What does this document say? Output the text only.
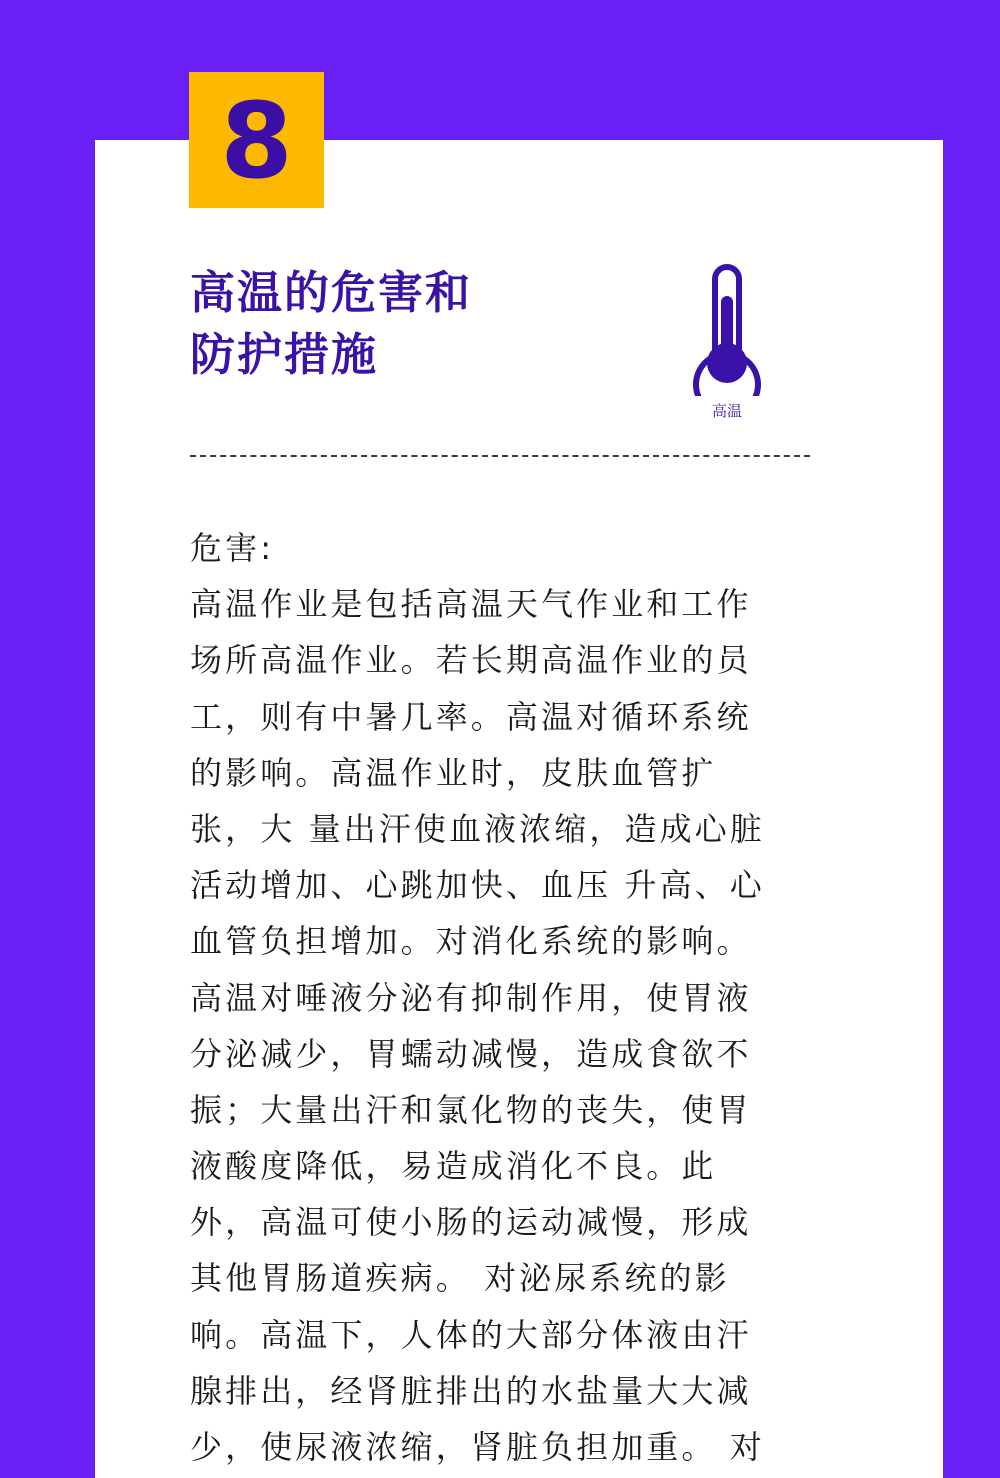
8
高温的危害和
防护措施
高温
危害:
高温作业是包括高温天气作业和工作
场所高温作业。若长期高温作业的员
工，则有中暑几率。高温对循环系统
的影响。高温作业时，皮肤血管扩
张，大 量出汗使血液浓缩，造成心脏
活动增加、心跳加快、血压 升高、心
血管负担增加。对消化系统的影响。
高温对唾液分泌有抑制作用，使胃液
分泌减少，胃蠕动减慢，造成食欲不
振；大量出汗和氯化物的丧失，使胃
液酸度降低，易造成消化不良。此
外，高温可使小肠的运动减慢，形成
其他胃肠道疾病。 对泌尿系统的影
响。高温下，人体的大部分体液由汗
腺排出，经肾脏排出的水盐量大大减
少，使尿液浓缩，肾脏负担加重。 对
